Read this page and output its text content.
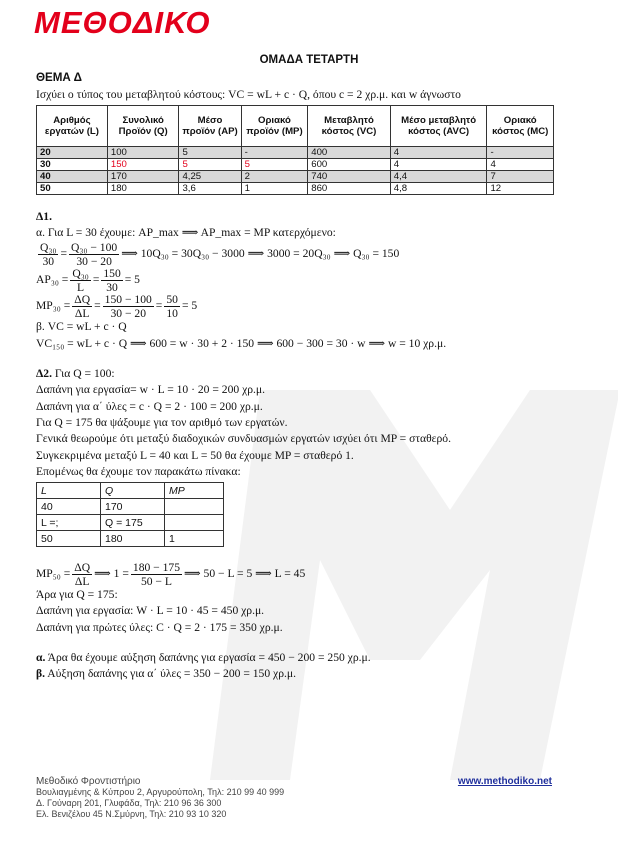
ΜΕΘΟΔΙΚΟ
ΟΜΑΔΑ ΤΕΤΑΡΤΗ
ΘΕΜΑ Δ
Ισχύει ο τύπος του μεταβλητού κόστους: VC = wL + c · Q, όπου c = 2 χρ.μ. και w άγνωστο
Αριθμός εργατών (L)	Συνολικό Προϊόν (Q)	Μέσο προϊόν (AP)	Οριακό προϊόν (MP)	Μεταβλητό κόστος (VC)	Μέσο μεταβλητό κόστος (AVC)	Οριακό κόστος (MC)
20	100	5	-	400	4	-
30	150	5	5	600	4	4
40	170	4,25	2	740	4,4	7
50	180	3,6	1	860	4,8	12
Δ1.
α. Για L = 30 έχουμε: AP_max ⟹ AP_max = MP κατερχόμενο:
$\frac{\text{Q₃₀}}{30} = \frac{\text{Q₃₀ − 100}}{30 - 20}$ ⟹ 10Q₃₀ = 30Q₃₀ − 3000 ⟹ 3000 = 20Q₃₀ ⟹ Q₃₀ = 150
$AP_{30} = \frac{\text{Q₃₀}}{L} = \frac{150}{30} = 5$
$MP_{30} = \frac{\Delta Q}{\Delta L} = \frac{150 - 100}{30 - 20} = \frac{50}{10} = 5$
β. VC = wL + c · Q
VC₁₅₀ = wL + c · Q ⟹ 600 = w · 30 + 2 · 150 ⟹ 600 − 300 = 30 · w ⟹ w = 10 χρ.μ.
Δ2. Για Q = 100:
Δαπάνη για εργασία= w · L = 10 · 20 = 200 χρ.μ.
Δαπάνη για α΄ ύλες = c · Q = 2 · 100 = 200 χρ.μ.
Για Q = 175 θα ψάξουμε για τον αριθμό των εργατών.
Γενικά θεωρούμε ότι μεταξύ διαδοχικών συνδυασμών εργατών ισχύει ότι MP = σταθερό.
Συγκεκριμένα μεταξύ L = 40 και L = 50 θα έχουμε MP = σταθερό 1.
Επομένως θα έχουμε τον παρακάτω πίνακα:
L	Q	MP
40	170	
L =;	Q = 175	
50	180	1
$MP_{50} = \frac{\Delta Q}{\Delta L}$ ⟹ $1 = \frac{180 - 175}{50 - L}$ ⟹ 50 − L = 5 ⟹ L = 45
Άρα για Q = 175:
Δαπάνη για εργασία: W · L = 10 · 45 = 450 χρ.μ.
Δαπάνη για πρώτες ύλες: C · Q = 2 · 175 = 350 χρ.μ.
α. Άρα θα έχουμε αύξηση δαπάνης για εργασία = 450 − 200 = 250 χρ.μ.
β. Αύξηση δαπάνης για α΄ ύλες = 350 − 200 = 150 χρ.μ.
Μεθοδικό Φροντιστήριο
Βουλιαγμένης & Κύπρου 2, Αργυρούπολη, Τηλ: 210 99 40 999
Δ. Γούναρη 201, Γλυφάδα, Τηλ: 210 96 36 300
Ελ. Βενιζέλου 45 Ν.Σμύρνη, Τηλ: 210 93 10 320
www.methodiko.net
